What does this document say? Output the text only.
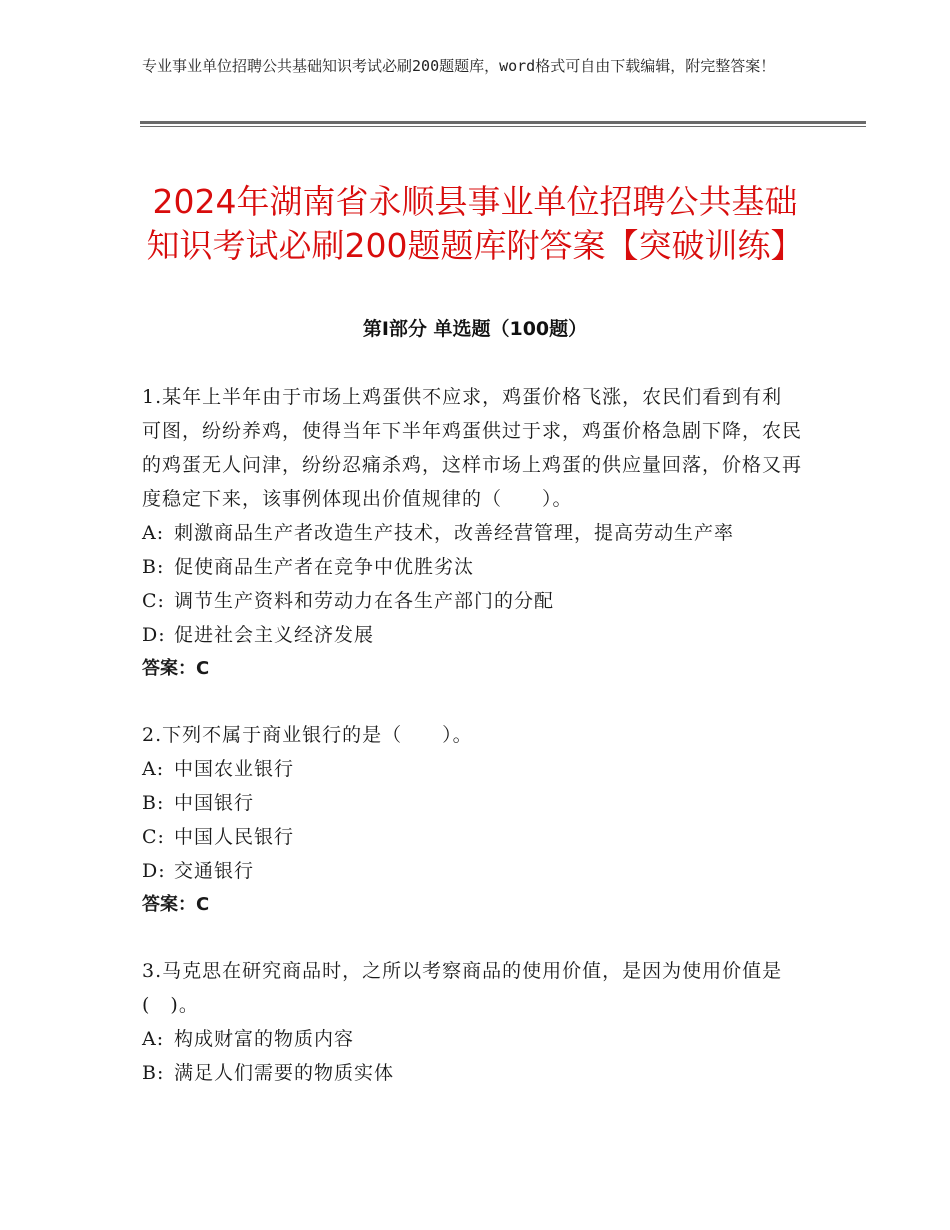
专业事业单位招聘公共基础知识考试必刷200题题库，word格式可自由下载编辑，附完整答案！
2024年湖南省永顺县事业单位招聘公共基础知识考试必刷200题题库附答案【突破训练】
第Ⅰ部分 单选题（100题）
1.某年上半年由于市场上鸡蛋供不应求，鸡蛋价格飞涨，农民们看到有利可图，纷纷养鸡，使得当年下半年鸡蛋供过于求，鸡蛋价格急剧下降，农民的鸡蛋无人问津，纷纷忍痛杀鸡，这样市场上鸡蛋的供应量回落，价格又再度稳定下来，该事例体现出价值规律的（　　）。
A: 刺激商品生产者改造生产技术，改善经营管理，提高劳动生产率
B: 促使商品生产者在竞争中优胜劣汰
C: 调节生产资料和劳动力在各生产部门的分配
D: 促进社会主义经济发展
答案：C
2.下列不属于商业银行的是（　　）。
A: 中国农业银行
B: 中国银行
C: 中国人民银行
D: 交通银行
答案：C
3.马克思在研究商品时，之所以考察商品的使用价值，是因为使用价值是(　)。
A: 构成财富的物质内容
B: 满足人们需要的物质实体
